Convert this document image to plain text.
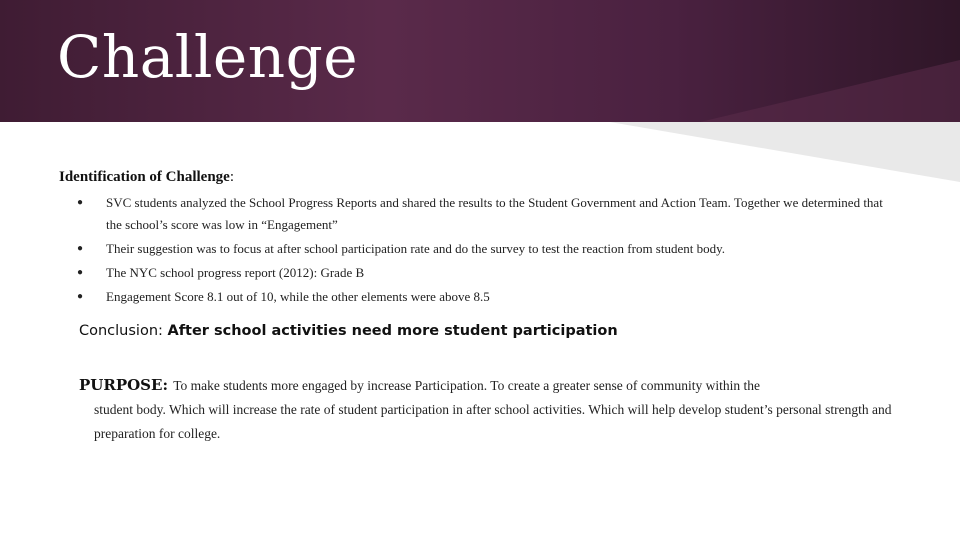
Challenge

Identification of Challenge:

● SVC students analyzed the School Progress Reports and shared the results to the Student Government and Action Team. Together we determined that the school’s score was low in “Engagement”
● Their suggestion was to focus at after school participation rate and do the survey to test the reaction from student body.
● The NYC school progress report (2012): Grade B
● Engagement Score 8.1 out of 10, while the other elements were above 8.5

Conclusion: After school activities need more student participation

PURPOSE: To make students more engaged by increase Participation. To create a greater sense of community within the
student body. Which will increase the rate of student participation in after school activities. Which will help develop student’s personal strength and preparation for college.
